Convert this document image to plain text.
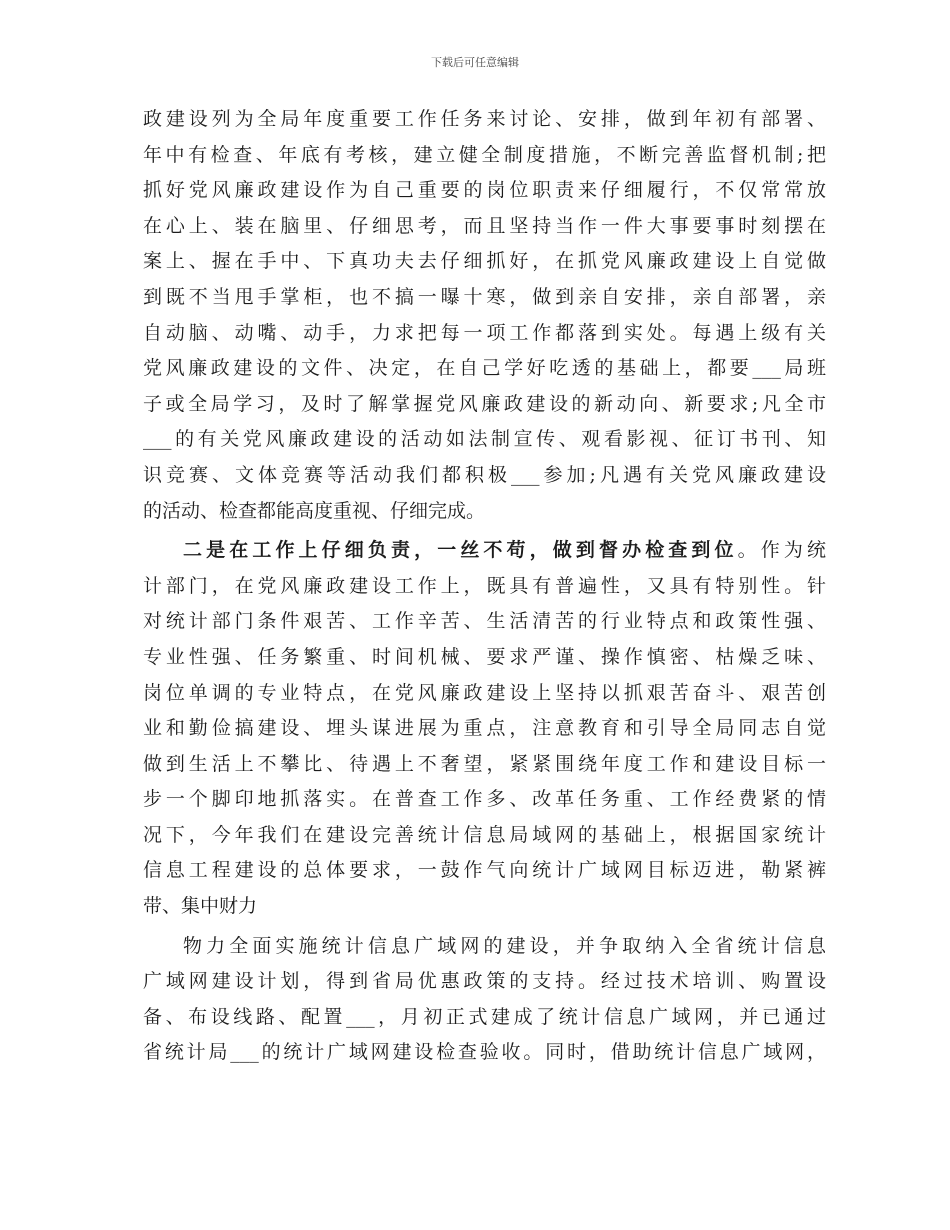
下载后可任意编辑
政建设列为全局年度重要工作任务来讨论、安排，做到年初有部署、
年中有检查、年底有考核，建立健全制度措施，不断完善监督机制;把
抓好党风廉政建设作为自己重要的岗位职责来仔细履行，不仅常常放
在心上、装在脑里、仔细思考，而且坚持当作一件大事要事时刻摆在
案上、握在手中、下真功夫去仔细抓好，在抓党风廉政建设上自觉做
到既不当甩手掌柜，也不搞一曝十寒，做到亲自安排，亲自部署，亲
自动脑、动嘴、动手，力求把每一项工作都落到实处。每遇上级有关
党风廉政建设的文件、决定，在自己学好吃透的基础上，都要___局班
子或全局学习，及时了解掌握党风廉政建设的新动向、新要求;凡全市
___的有关党风廉政建设的活动如法制宣传、观看影视、征订书刊、知
识竞赛、文体竞赛等活动我们都积极___参加;凡遇有关党风廉政建设
的活动、检查都能高度重视、仔细完成。
二是在工作上仔细负责，一丝不苟，做到督办检查到位。作为统
计部门，在党风廉政建设工作上，既具有普遍性，又具有特别性。针
对统计部门条件艰苦、工作辛苦、生活清苦的行业特点和政策性强、
专业性强、任务繁重、时间机械、要求严谨、操作慎密、枯燥乏味、
岗位单调的专业特点，在党风廉政建设上坚持以抓艰苦奋斗、艰苦创
业和勤俭搞建设、埋头谋进展为重点，注意教育和引导全局同志自觉
做到生活上不攀比、待遇上不奢望，紧紧围绕年度工作和建设目标一
步一个脚印地抓落实。在普查工作多、改革任务重、工作经费紧的情
况下，今年我们在建设完善统计信息局域网的基础上，根据国家统计
信息工程建设的总体要求，一鼓作气向统计广域网目标迈进，勒紧裤
带、集中财力
物力全面实施统计信息广域网的建设，并争取纳入全省统计信息
广域网建设计划，得到省局优惠政策的支持。经过技术培训、购置设
备、布设线路、配置___，月初正式建成了统计信息广域网，并已通过
省统计局___的统计广域网建设检查验收。同时，借助统计信息广域网，
